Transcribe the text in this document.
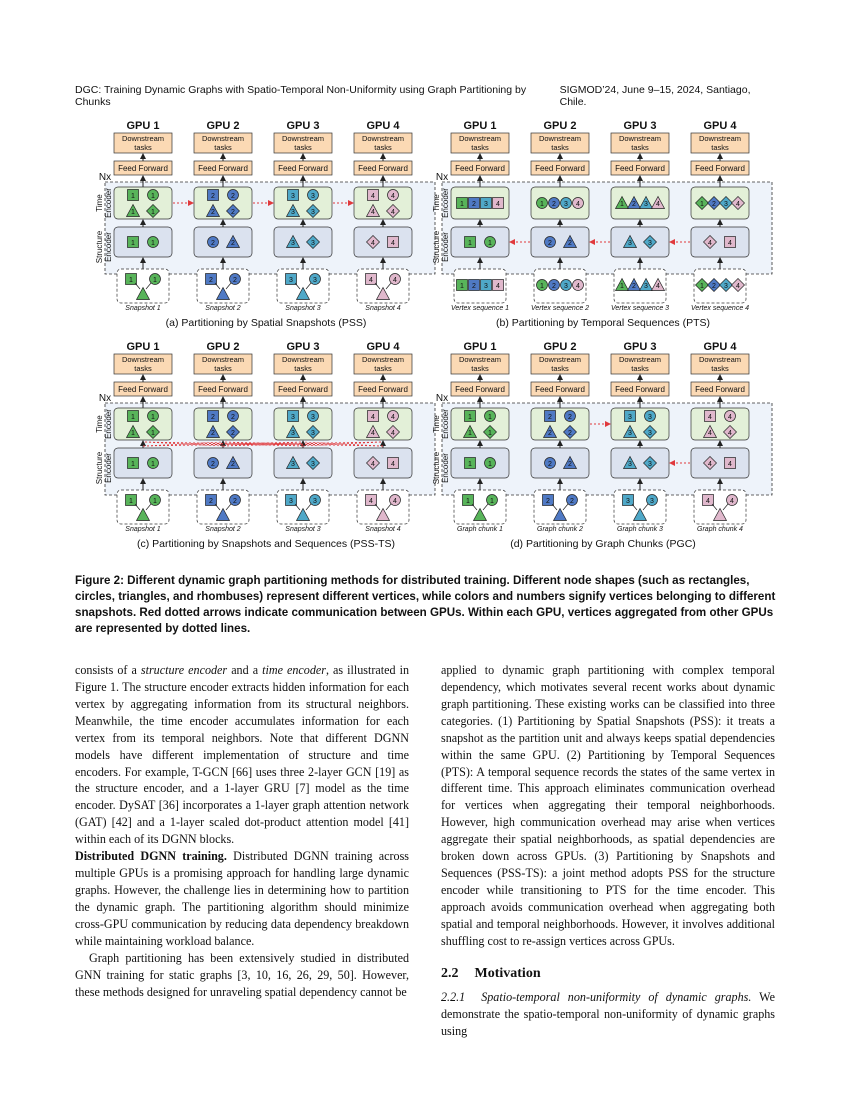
DGC: Training Dynamic Graphs with Spatio-Temporal Non-Uniformity using Graph Partitioning by Chunks
SIGMOD’24, June 9–15, 2024, Santiago, Chile.
Nx
Time Encoder
Structure Encoder
GPU 1
Downstream
tasks
Feed Forward
Snapshot 1
1 1
1 1
1 1
1	1
GPU 2
Downstream
tasks
Feed Forward
Snapshot 2
2 2
2 2
2 2
2	2
GPU 3
Downstream
tasks
Feed Forward
Snapshot 3
3 3
3 3
3 3
3	3
GPU 4
Downstream
tasks
Feed Forward
Snapshot 4
4 4
4 4
4 4
4	4
(a) Partitioning by Spatial Snapshots (PSS)
Nx
Time Encoder
Structure Encoder
GPU 1
Downstream
tasks
Feed Forward
Vertex sequence 1
1 2 3 4
1 1
1 2 3 4
GPU 2
Downstream
tasks
Feed Forward
Vertex sequence 2
1 2 3 4
2 2
1 2 3 4
GPU 3
Downstream
tasks
Feed Forward
Vertex sequence 3
1 2 3 4
3 3
1 2 3 4
GPU 4
Downstream
tasks
Feed Forward
Vertex sequence 4
1 2 3 4
4 4
1 2 3 4
(b) Partitioning by Temporal Sequences (PTS)
Nx
Time Encoder
Structure Encoder
GPU 1
Downstream
tasks
Feed Forward
Snapshot 1
1 1
1 1
1 1
1	1
GPU 2
Downstream
tasks
Feed Forward
Snapshot 2
2 2
2 2
2 2
2	2
GPU 3
Downstream
tasks
Feed Forward
Snapshot 3
3 3
3 3
3 3
3	3
GPU 4
Downstream
tasks
Feed Forward
Snapshot 4
4 4
4 4
4 4
4	4
(c) Partitioning by Snapshots and Sequences (PSS-TS)
Nx
Time Encoder
Structure Encoder
GPU 1
Downstream
tasks
Feed Forward
Graph chunk 1
1 1
1 1
1 1
1	1
GPU 2
Downstream
tasks
Feed Forward
Graph chunk 2
2 2
2 2
2 2
2	2
GPU 3
Downstream
tasks
Feed Forward
Graph chunk 3
3 3
3 3
3 3
3	3
GPU 4
Downstream
tasks
Feed Forward
Graph chunk 4
4 4
4 4
4 4
4	4
(d) Partitioning by Graph Chunks (PGC)
Figure 2: Different dynamic graph partitioning methods for distributed training. Different node shapes (such as rectangles, circles, triangles, and rhombuses) represent different vertices, while colors and numbers signify vertices belonging to different snapshots. Red dotted arrows indicate communication between GPUs. Within each GPU, vertices aggregated from other GPUs are represented by dotted lines.

consists of a structure encoder and a time encoder, as illustrated in Figure 1. The structure encoder extracts hidden information for each vertex by aggregating information from its structural neighbors. Meanwhile, the time encoder accumulates information for each vertex from its temporal neighbors. Note that different DGNN models have different implementation of structure and time encoders. For example, T-GCN [66] uses three 2-layer GCN [19] as the structure encoder, and a 1-layer GRU [7] model as the time encoder. DySAT [36] incorporates a 1-layer graph attention network (GAT) [42] and a 1-layer scaled dot-product attention model [41] within each of its DGNN blocks.

Distributed DGNN training. Distributed DGNN training across multiple GPUs is a promising approach for handling large dynamic graphs. However, the challenge lies in determining how to partition the dynamic graph. The partitioning algorithm should minimize cross-GPU communication by reducing data dependency breakdown while maintaining workload balance.

Graph partitioning has been extensively studied in distributed GNN training for static graphs [3, 10, 16, 26, 29, 50]. However, these methods designed for unraveling spatial dependency cannot be

applied to dynamic graph partitioning with complex temporal dependency, which motivates several recent works about dynamic graph partitioning. These existing works can be classified into three categories. (1) Partitioning by Spatial Snapshots (PSS): it treats a snapshot as the partition unit and always keeps spatial dependencies within the same GPU. (2) Partitioning by Temporal Sequences (PTS): A temporal sequence records the states of the same vertex in different time. This approach eliminates communication overhead for vertices when aggregating their temporal neighborhoods. However, high communication overhead may arise when vertices aggregate their spatial neighborhoods, as spatial dependencies are broken down across GPUs. (3) Partitioning by Snapshots and Sequences (PSS-TS): a joint method adopts PSS for the structure encoder while transitioning to PTS for the time encoder. This approach avoids communication overhead when aggregating both spatial and temporal neighborhoods. However, it involves additional shuffling cost to re-assign vertices across GPUs.

2.2 Motivation

2.2.1 Spatio-temporal non-uniformity of dynamic graphs. We demonstrate the spatio-temporal non-uniformity of dynamic graphs using
